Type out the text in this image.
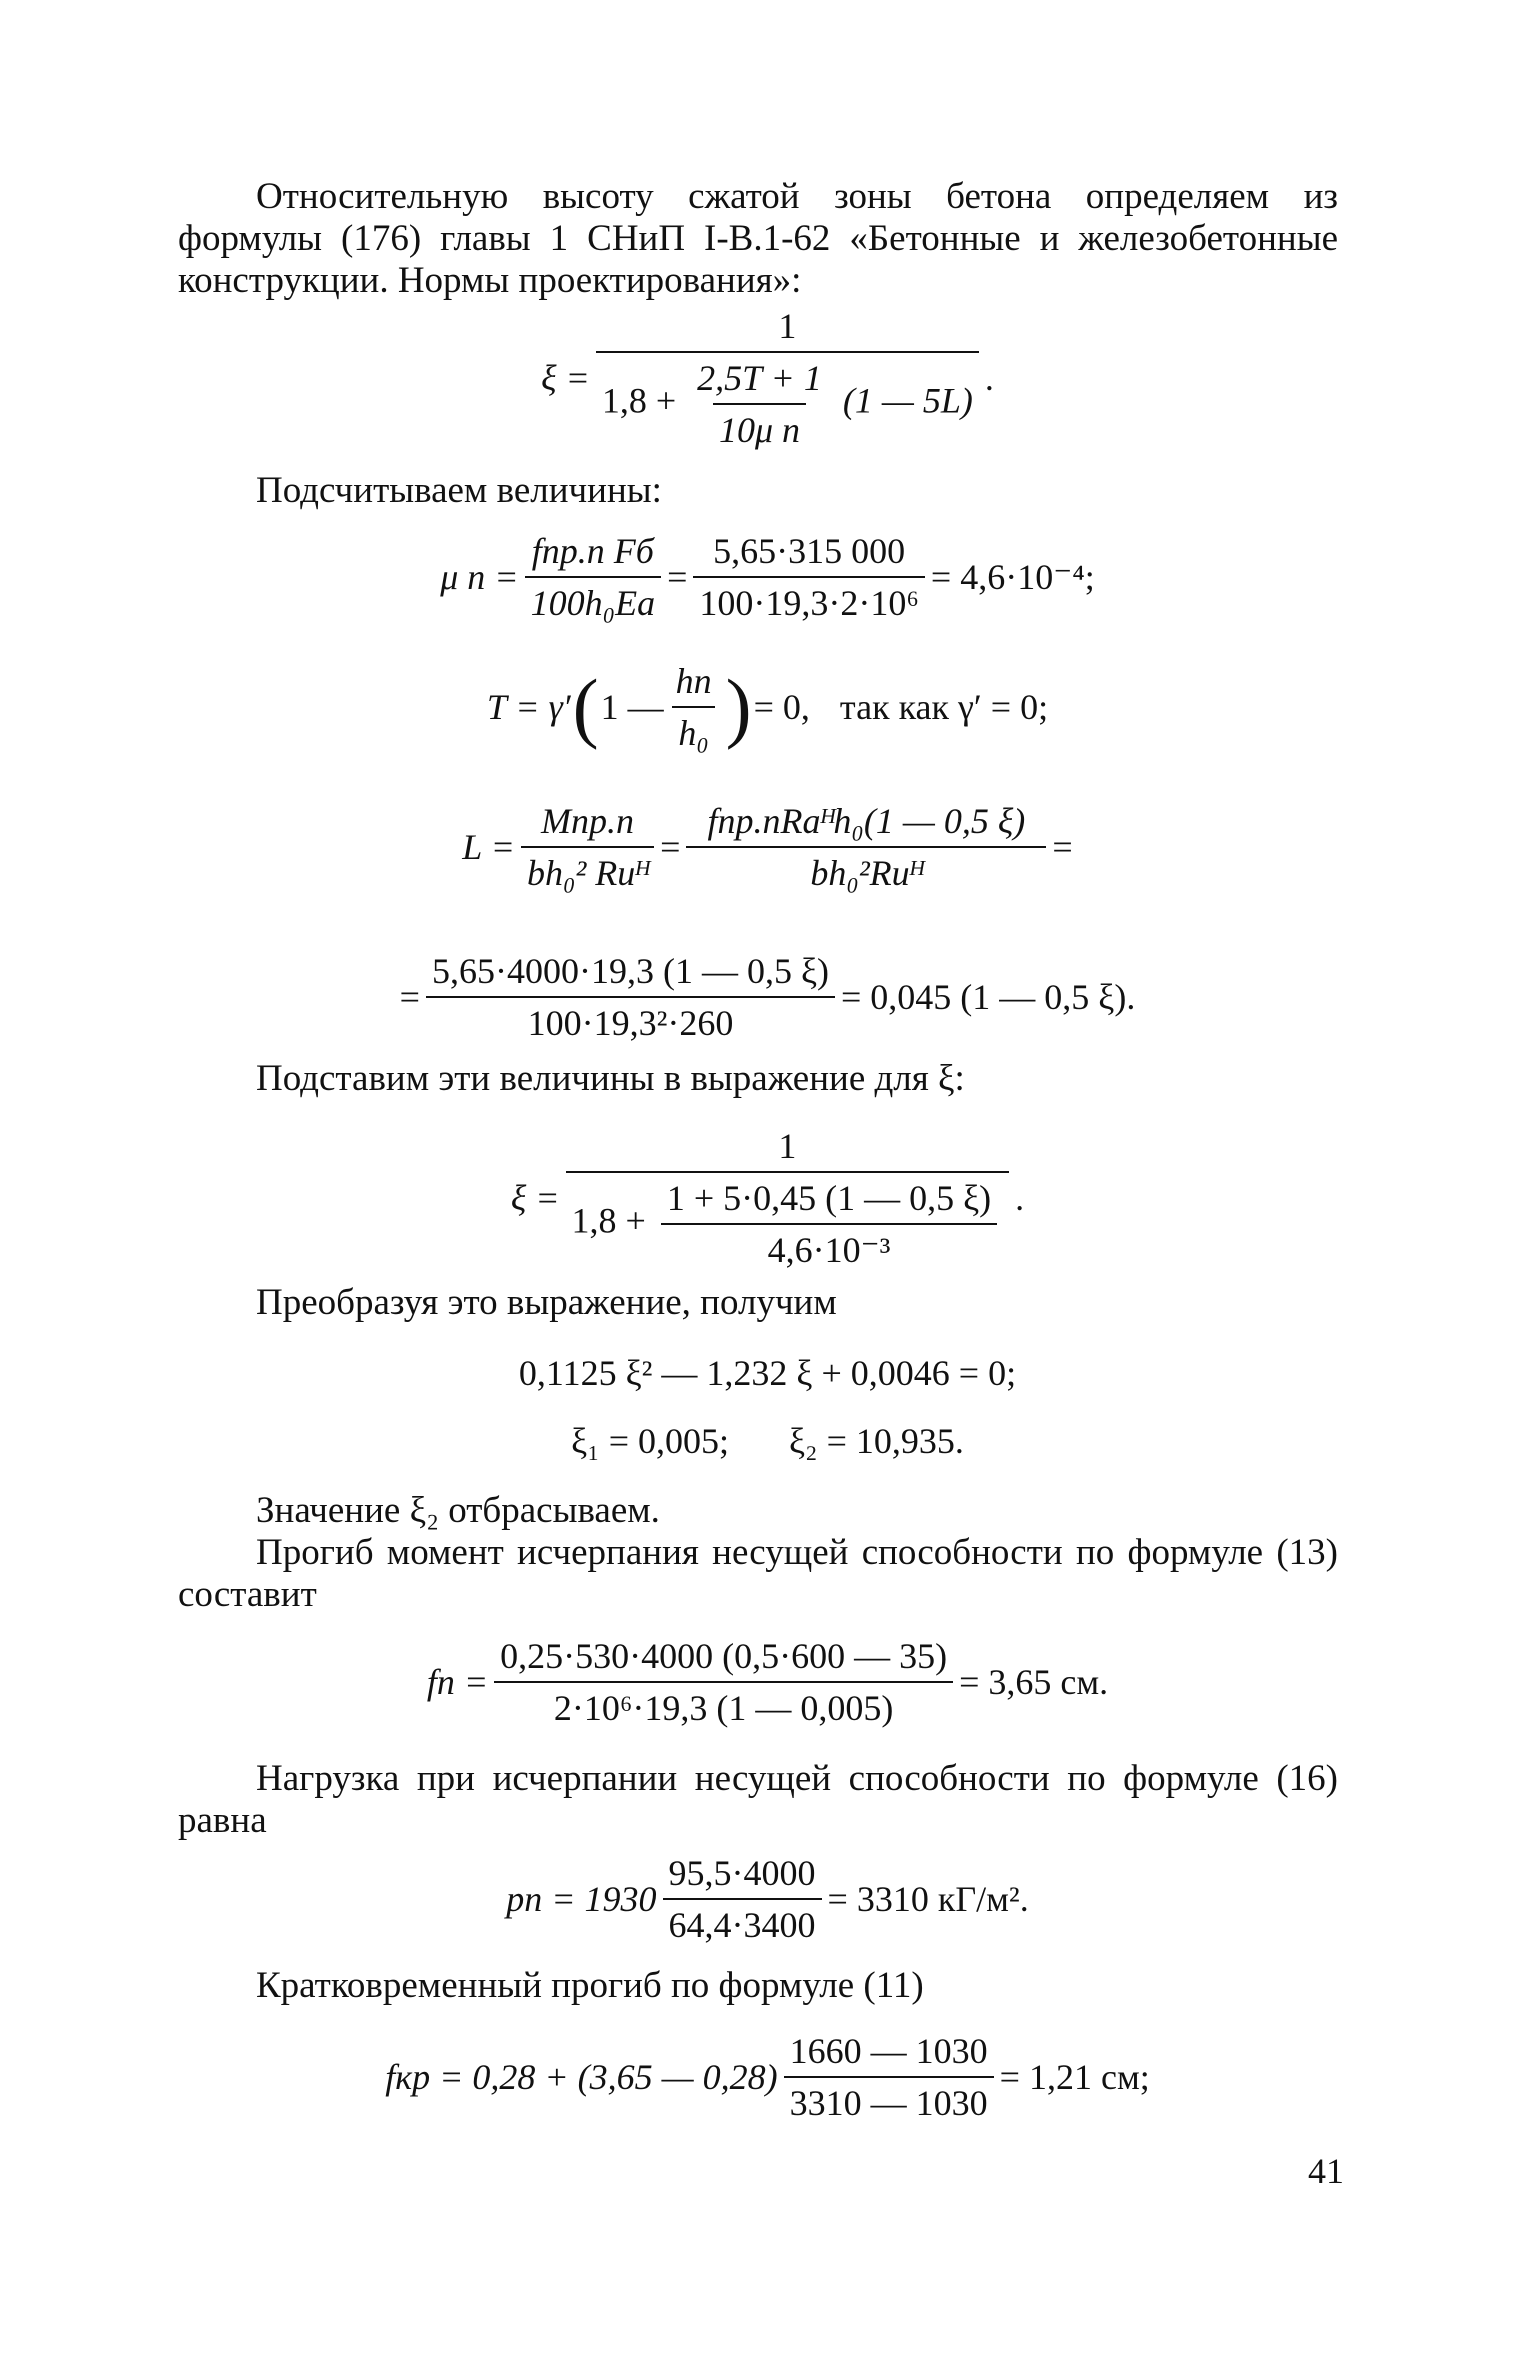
Относительную высоту сжатой зоны бетона определяем из формулы (176) главы 1 СНиП I-В.1-62 «Бетонные и железобетонные конструкции. Нормы проектирования»:
ξ =
1
$1,8 + \frac{2,5T + 1}{\text{10μ n}} (1$ — 5L)
.
Подсчитываем величины:
μ $n = \frac{\text{fпр.п Fб}}{\text{100h₀Eа}} = \frac{5,65\cdot 315 000}{\text{100·19,3·2·10⁶}} = 4,6\cdot 10^{-4}$;
T = γ′ ( 1 — $\frac{hп}{\text{h₀}}$ ) = 0, так как γ′ = 0;
$L = \frac{\text{Mпр.п}}{\text{bh₀² Rиᴴ}} = \frac{\text{fпр.пRаᴴh₀(1 — 0,5 ξ)}}{\text{bh₀²Rиᴴ}}$ =
= $\frac{5,65\cdot 4000\cdot 19,3 (1 — 0,5 \xi)}{\text{100·19,3²·260}} = 0,045$ (1 — 0,5 ξ).
Подставим эти величины в выражение для ξ:
ξ =
1
$1,8 + \frac{1 + 5\cdot 0,45 (1 — 0,5 \xi)}{\text{4,6·10⁻³}}$ .
Преобразуя это выражение, получим
0,1125 ξ² — 1,232 ξ + 0,0046 = 0;
ξ₁ = 0,005; ξ₂ = 10,935.
Значение ξ₂ отбрасываем.
Прогиб момент исчерпания несущей способности по формуле (13) составит
fп = $\frac{0,25\cdot 530\cdot 4000 (0,5\cdot 600 — 35)}{\text{2·10⁶·19,3 (1 — 0,005)}} = 3,65$ см.
Нагрузка при исчерпании несущей способности по формуле (16) равна
pп = $1930 \frac{95,5\cdot 4000}{64,4\cdot 3400} = 3310$ кГ/м².
Кратковременный прогиб по формуле (11)
fкр = 0,28 + (3,65 — $0,28) \frac{1660 — 1030}{3310 — 1030} = 1,21$ см;
41
